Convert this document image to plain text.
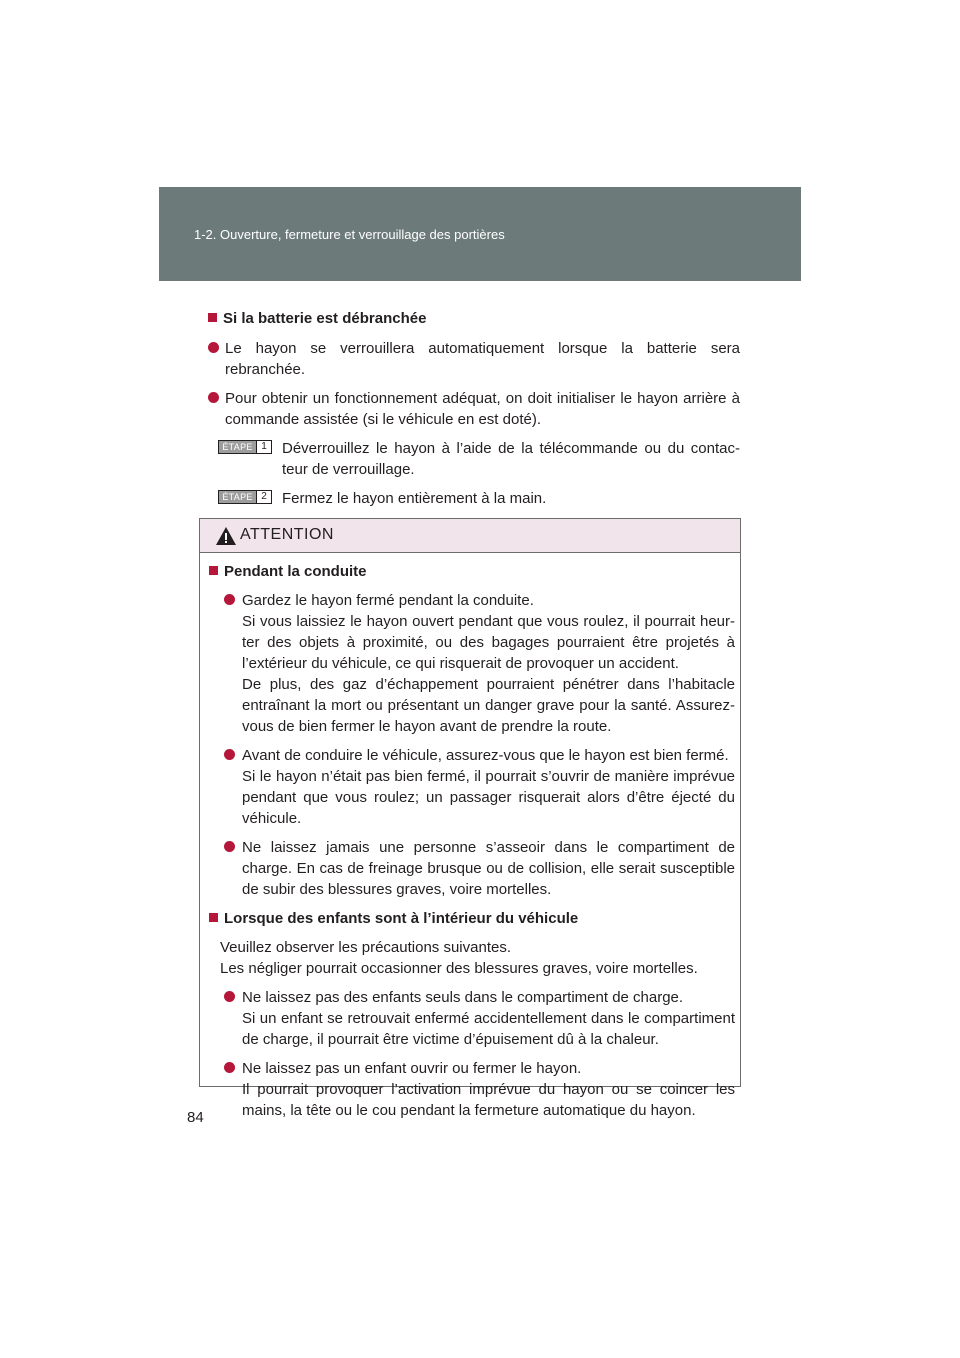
1-2. Ouverture, fermeture et verrouillage des portières
Si la batterie est débranchée
Le hayon se verrouillera automatiquement lorsque la batterie sera rebranchée.
Pour obtenir un fonctionnement adéquat, on doit initialiser le hayon arrière à commande assistée (si le véhicule en est doté).
ÉTAPE 1 Déverrouillez le hayon à l’aide de la télécommande ou du contac-teur de verrouillage.
ÉTAPE 2 Fermez le hayon entièrement à la main.
ATTENTION
Pendant la conduite
Gardez le hayon fermé pendant la conduite.
Si vous laissiez le hayon ouvert pendant que vous roulez, il pourrait heur-ter des objets à proximité, ou des bagages pourraient être projetés à l’extérieur du véhicule, ce qui risquerait de provoquer un accident.
De plus, des gaz d’échappement pourraient pénétrer dans l’habitacle entraînant la mort ou présentant un danger grave pour la santé. Assurez-vous de bien fermer le hayon avant de prendre la route.
Avant de conduire le véhicule, assurez-vous que le hayon est bien fermé.
Si le hayon n’était pas bien fermé, il pourrait s’ouvrir de manière imprévue pendant que vous roulez; un passager risquerait alors d’être éjecté du véhicule.
Ne laissez jamais une personne s’asseoir dans le compartiment de charge. En cas de freinage brusque ou de collision, elle serait susceptible de subir des blessures graves, voire mortelles.
Lorsque des enfants sont à l’intérieur du véhicule
Veuillez observer les précautions suivantes.
Les négliger pourrait occasionner des blessures graves, voire mortelles.
Ne laissez pas des enfants seuls dans le compartiment de charge.
Si un enfant se retrouvait enfermé accidentellement dans le compartiment de charge, il pourrait être victime d’épuisement dû à la chaleur.
Ne laissez pas un enfant ouvrir ou fermer le hayon.
Il pourrait provoquer l’activation imprévue du hayon ou se coincer les mains, la tête ou le cou pendant la fermeture automatique du hayon.
84
